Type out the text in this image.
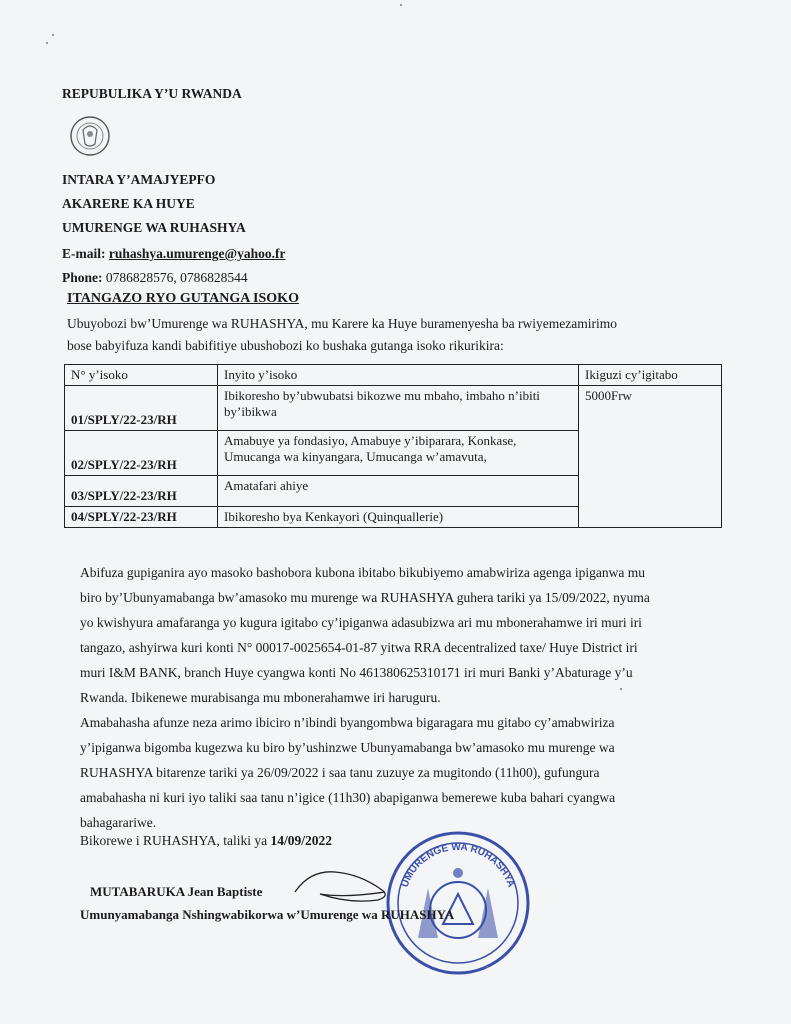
REPUBULIKA Y’U RWANDA
INTARA Y’AMAJYEPFO
AKARERE KA HUYE
UMURENGE WA RUHASHYA
E-mail: ruhashya.umurenge@yahoo.fr
Phone: 0786828576, 0786828544
ITANGAZO RYO GUTANGA ISOKO
Ubuyobozi bw’Umurenge wa RUHASHYA, mu Karere ka Huye buramenyesha ba rwiyemezamirimo
bose babyifuza kandi babifitiye ubushobozi ko bushaka gutanga isoko rikurikira:
N° y’isoko	Inyito y’isoko	Ikiguzi cy’igitabo
01/SPLY/22-23/RH	Ibikoresho by’ubwubatsi bikozwe mu mbaho, imbaho n’ibiti by’ibikwa	5000Frw
02/SPLY/22-23/RH	Amabuye ya fondasiyo, Amabuye y’ibiparara, Konkase, Umucanga wa kinyangara, Umucanga w’amavuta,	
03/SPLY/22-23/RH	Amatafari ahiye	
04/SPLY/22-23/RH	Ibikoresho bya Kenkayori (Quinquallerie)	
Abifuza gupiganira ayo masoko bashobora kubona ibitabo bikubiyemo amabwiriza agenga ipiganwa mu
biro by’Ubunyamabanga bw’amasoko mu murenge wa RUHASHYA guhera tariki ya 15/09/2022, nyuma
yo kwishyura amafaranga yo kugura igitabo cy’ipiganwa adasubizwa ari mu mbonerahamwe iri muri iri
tangazo, ashyirwa kuri konti N° 00017-0025654-01-87 yitwa RRA decentralized taxe/ Huye District iri
muri I&M BANK, branch Huye cyangwa konti No 461380625310171 iri muri Banki y’Abaturage y’u
Rwanda. Ibikenewe murabisanga mu mbonerahamwe iri haruguru.
Amabahasha afunze neza arimo ibiciro n’ibindi byangombwa bigaragara mu gitabo cy’amabwiriza
y’ipiganwa bigomba kugezwa ku biro by’ushinzwe Ubunyamabanga bw’amasoko mu murenge wa
RUHASHYA bitarenze tariki ya 26/09/2022 i saa tanu zuzuye za mugitondo (11h00), gufungura
amabahasha ni kuri iyo taliki saa tanu n’igice (11h30) abapiganwa bemerewe kuba bahari cyangwa
bahagarariwe.
Bikorewe i RUHASHYA, taliki ya 14/09/2022
UMURENGE WA RUHASHYA
MUTABARUKA Jean Baptiste
Umunyamabanga Nshingwabikorwa w’Umurenge wa RUHASHYA
